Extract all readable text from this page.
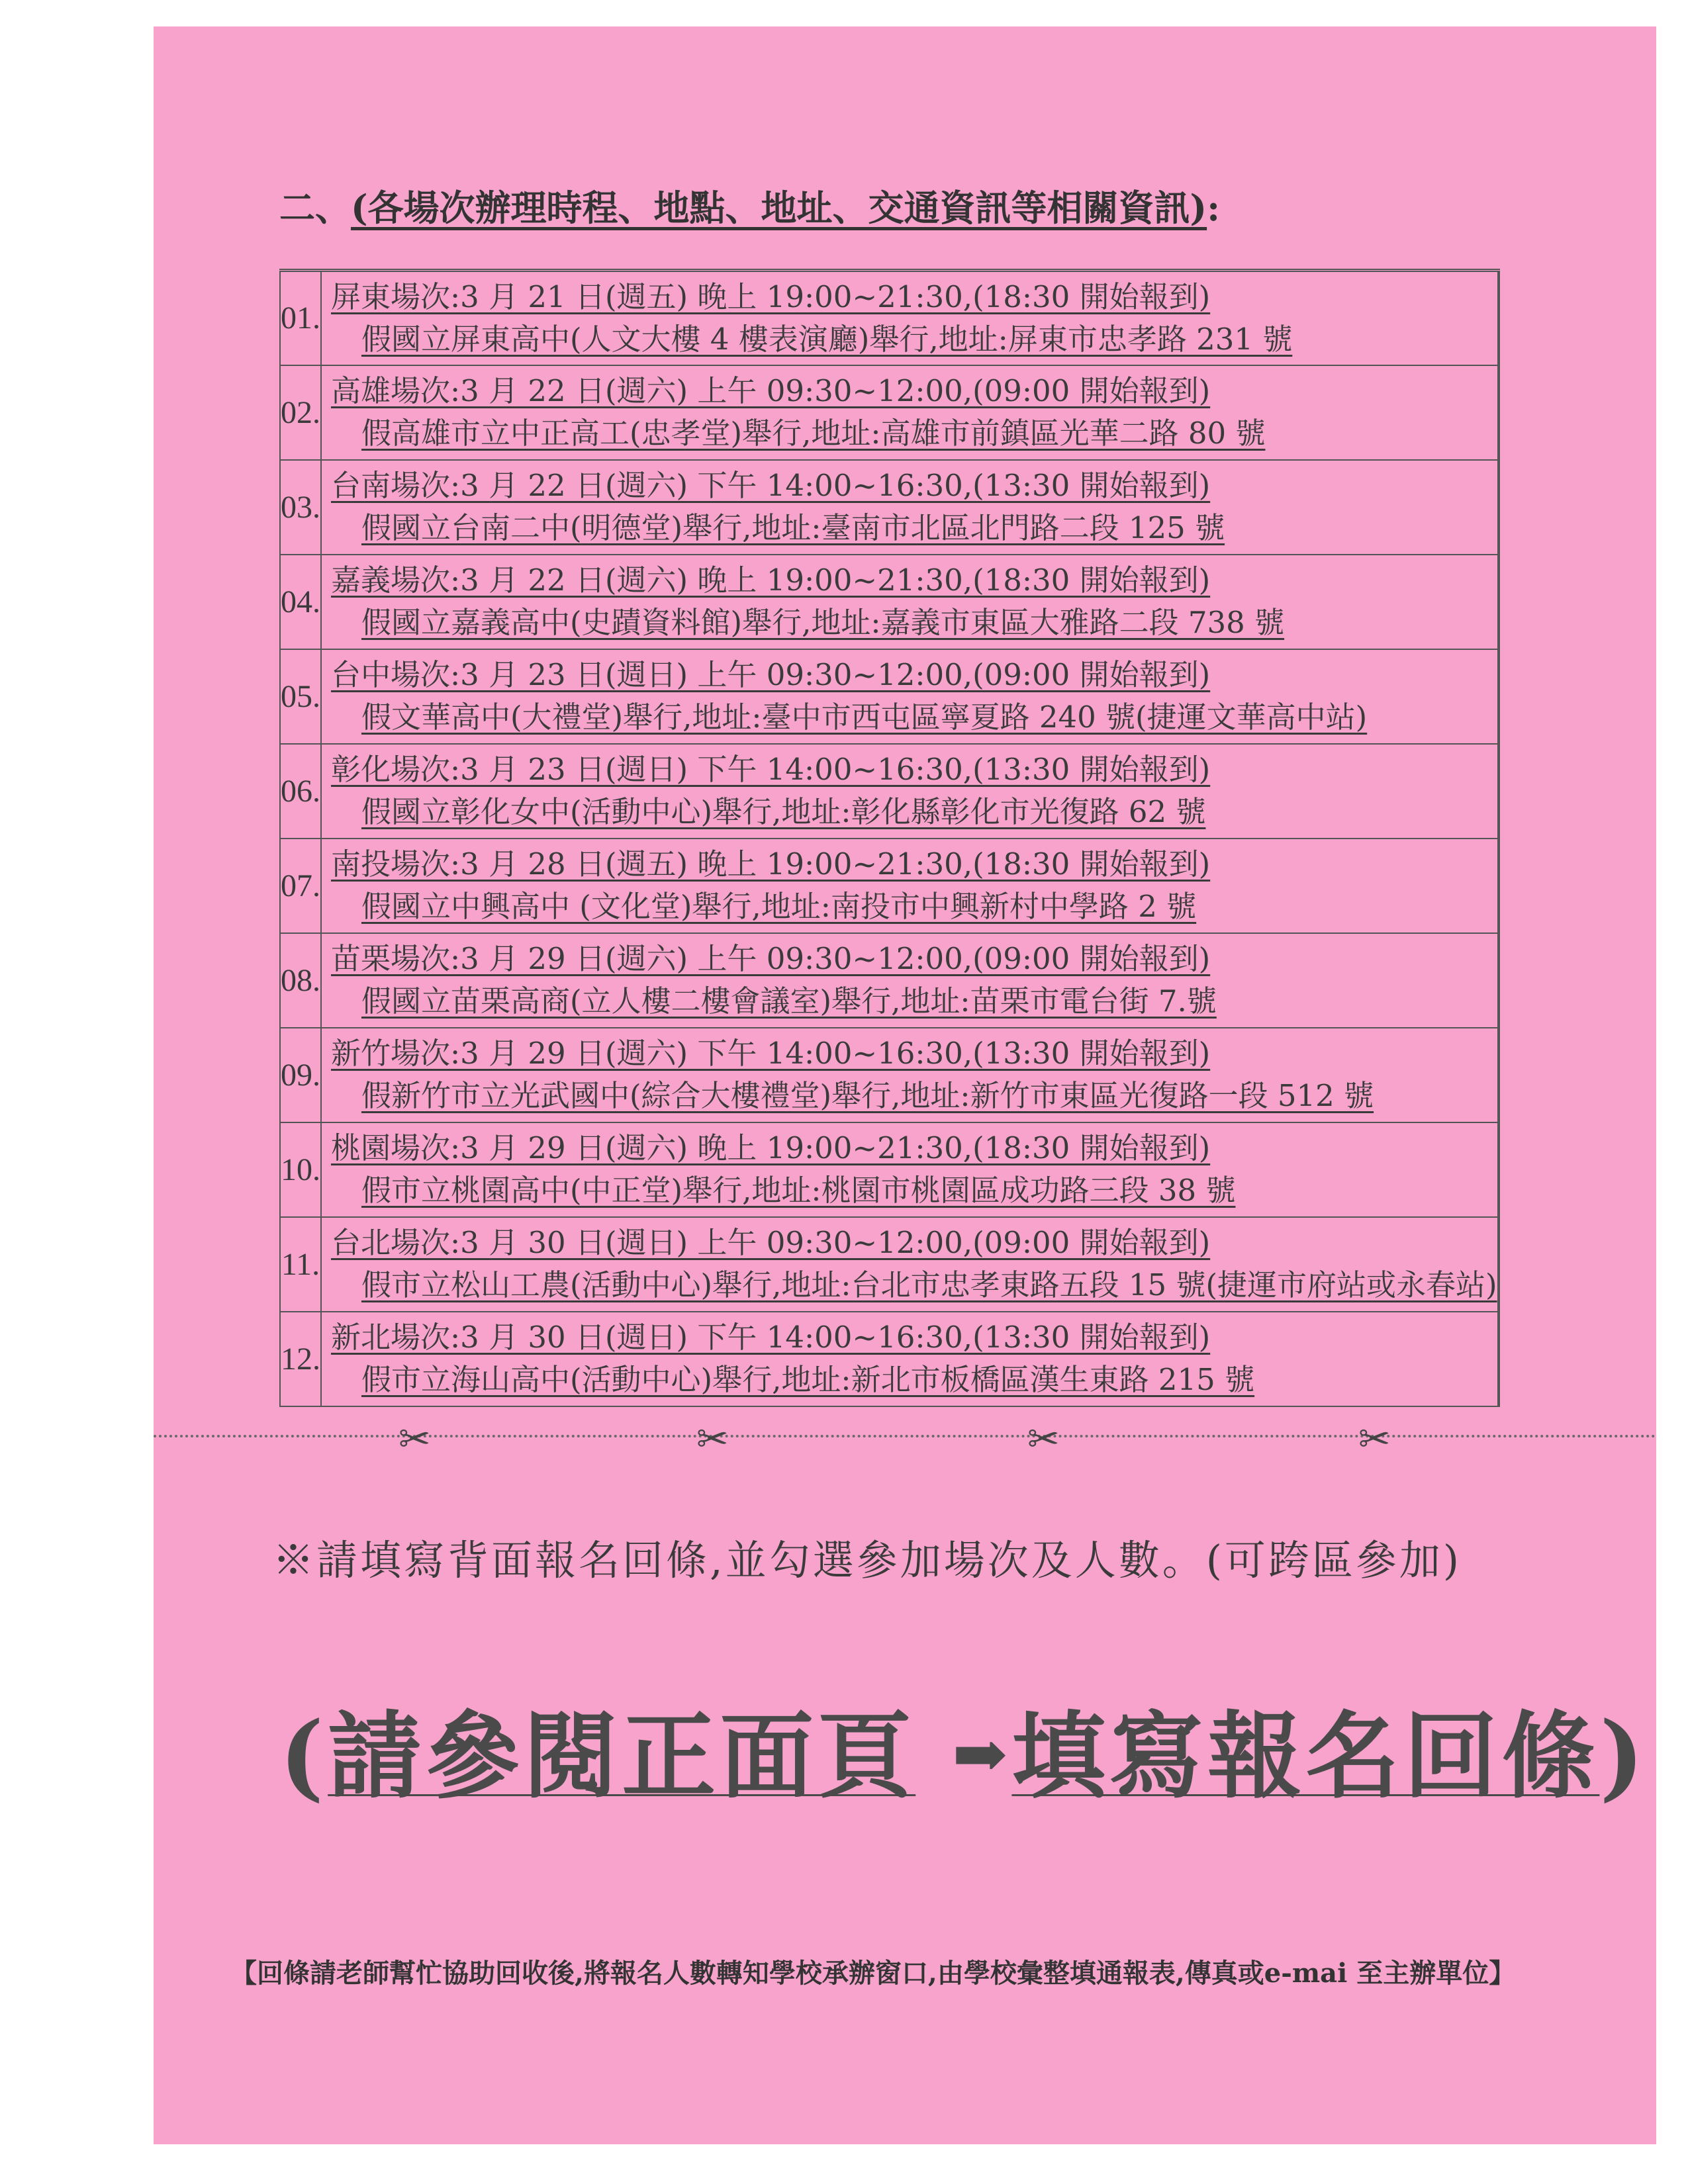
二、(各場次辦理時程、地點、地址、交通資訊等相關資訊):
01.	屏東場次:3 月 21 日(週五) 晚上 19:00~21:30,(18:30 開始報到)
假國立屏東高中(人文大樓 4 樓表演廳)舉行,地址:屏東市忠孝路 231 號	

02.	高雄場次:3 月 22 日(週六) 上午 09:30~12:00,(09:00 開始報到)
假高雄市立中正高工(忠孝堂)舉行,地址:高雄市前鎮區光華二路 80 號	

03.	台南場次:3 月 22 日(週六) 下午 14:00~16:30,(13:30 開始報到)
假國立台南二中(明德堂)舉行,地址:臺南市北區北門路二段 125 號	

04.	嘉義場次:3 月 22 日(週六) 晚上 19:00~21:30,(18:30 開始報到)
假國立嘉義高中(史蹟資料館)舉行,地址:嘉義市東區大雅路二段 738 號	

05.	台中場次:3 月 23 日(週日) 上午 09:30~12:00,(09:00 開始報到)
假文華高中(大禮堂)舉行,地址:臺中市西屯區寧夏路 240 號(捷運文華高中站)	

06.	彰化場次:3 月 23 日(週日) 下午 14:00~16:30,(13:30 開始報到)
假國立彰化女中(活動中心)舉行,地址:彰化縣彰化市光復路 62 號	

07.	南投場次:3 月 28 日(週五) 晚上 19:00~21:30,(18:30 開始報到)
假國立中興高中 (文化堂)舉行,地址:南投市中興新村中學路 2 號	

08.	苗栗場次:3 月 29 日(週六) 上午 09:30~12:00,(09:00 開始報到)
假國立苗栗高商(立人樓二樓會議室)舉行,地址:苗栗市電台街 7.號	

09.	新竹場次:3 月 29 日(週六) 下午 14:00~16:30,(13:30 開始報到)
假新竹市立光武國中(綜合大樓禮堂)舉行,地址:新竹市東區光復路一段 512 號	

10.	桃園場次:3 月 29 日(週六) 晚上 19:00~21:30,(18:30 開始報到)
假市立桃園高中(中正堂)舉行,地址:桃園市桃園區成功路三段 38 號	

11.	台北場次:3 月 30 日(週日) 上午 09:30~12:00,(09:00 開始報到)
假市立松山工農(活動中心)舉行,地址:台北市忠孝東路五段 15 號(捷運市府站或永春站)	

12.	新北場次:3 月 30 日(週日) 下午 14:00~16:30,(13:30 開始報到)
假市立海山高中(活動中心)舉行,地址:新北市板橋區漢生東路 215 號	

✂	✂	✂	✂
※請填寫背面報名回條,並勾選參加場次及人數。(可跨區參加)
(請參閱正面頁 ➡填寫報名回條)
【回條請老師幫忙協助回收後,將報名人數轉知學校承辦窗口,由學校彙整填通報表,傳真或e-mai 至主辦單位】
